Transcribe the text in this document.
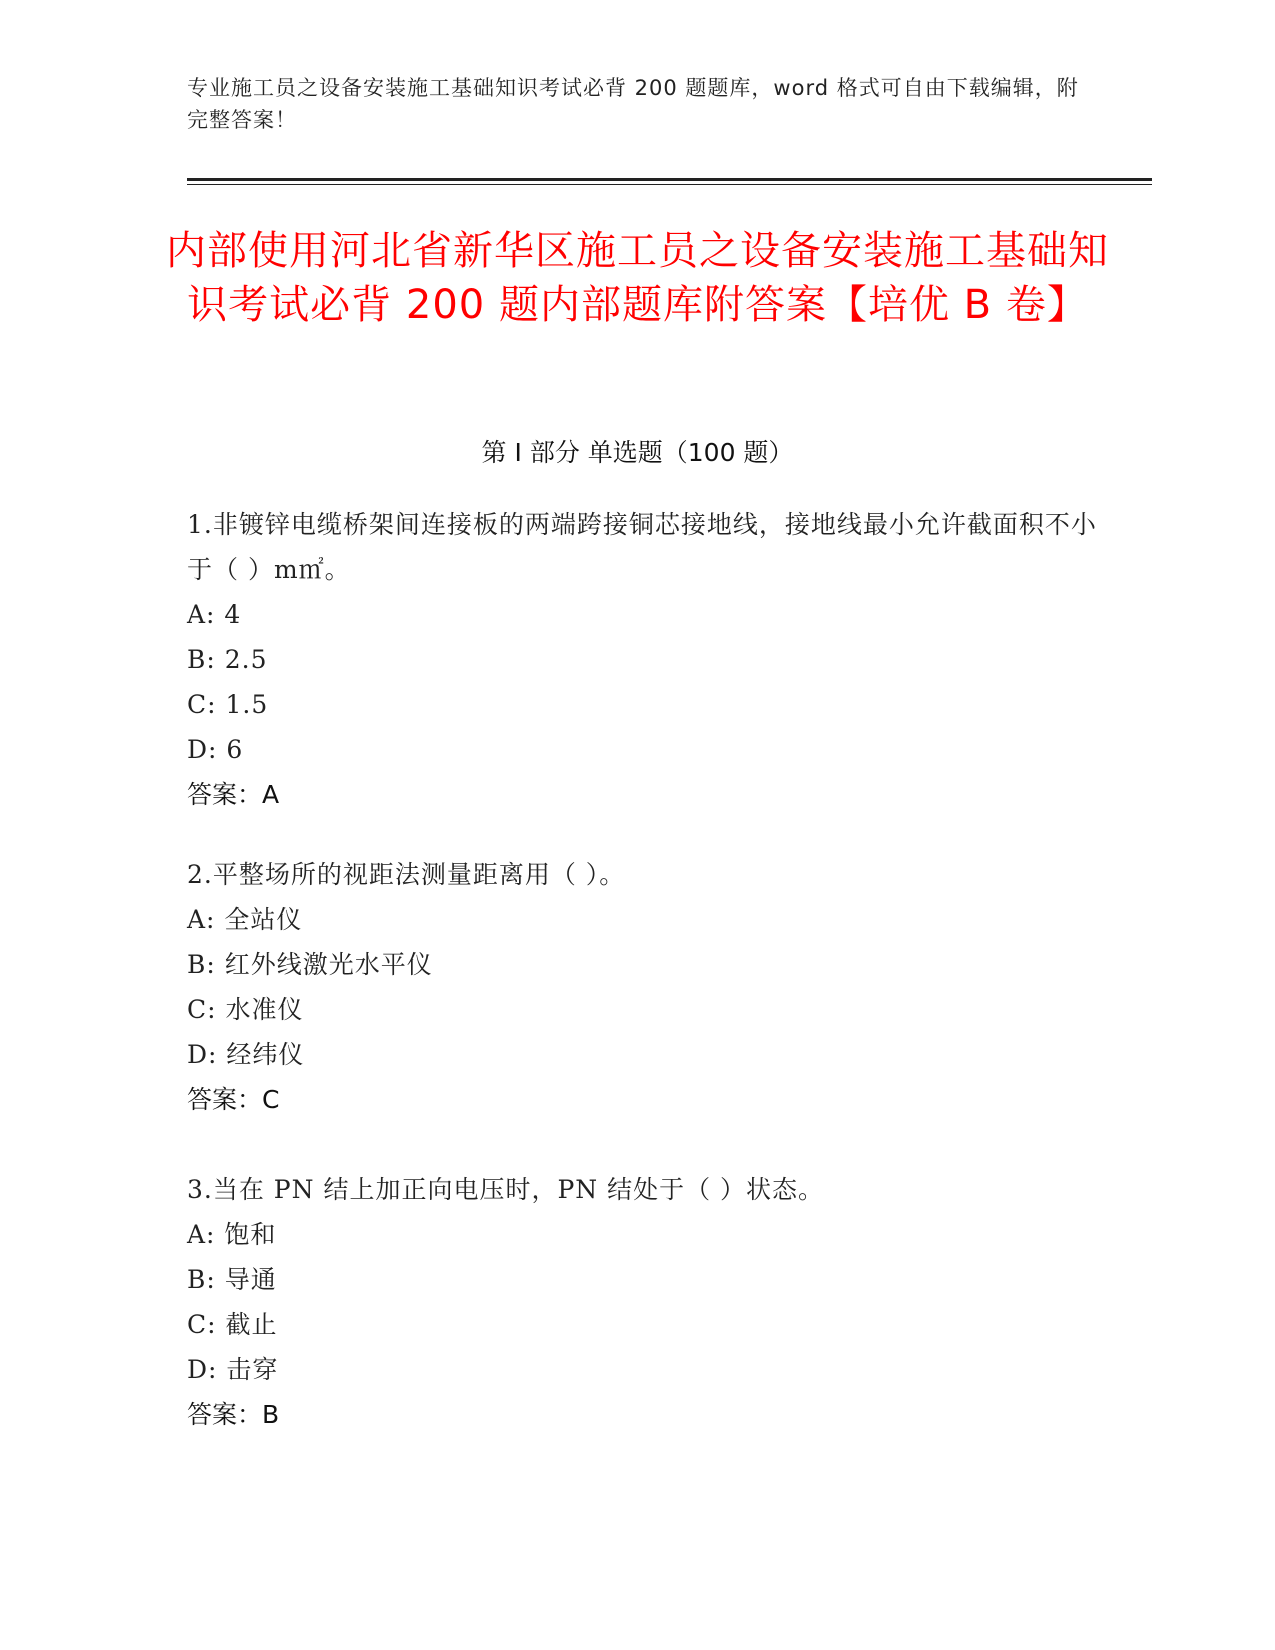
专业施工员之设备安装施工基础知识考试必背 200 题题库，word 格式可自由下载编辑，附完整答案！
内部使用河北省新华区施工员之设备安装施工基础知识考试必背 200 题内部题库附答案【培优 B 卷】
第 I 部分 单选题（100 题）

1.非镀锌电缆桥架间连接板的两端跨接铜芯接地线，接地线最小允许截面积不小于（ ）m㎡。

A: 4

B: 2.5

C: 1.5

D: 6

答案：A

2.平整场所的视距法测量距离用（ ）。

A: 全站仪

B: 红外线激光水平仪

C: 水准仪

D: 经纬仪

答案：C

3.当在 PN 结上加正向电压时，PN 结处于（ ）状态。

A: 饱和

B: 导通

C: 截止

D: 击穿

答案：B
